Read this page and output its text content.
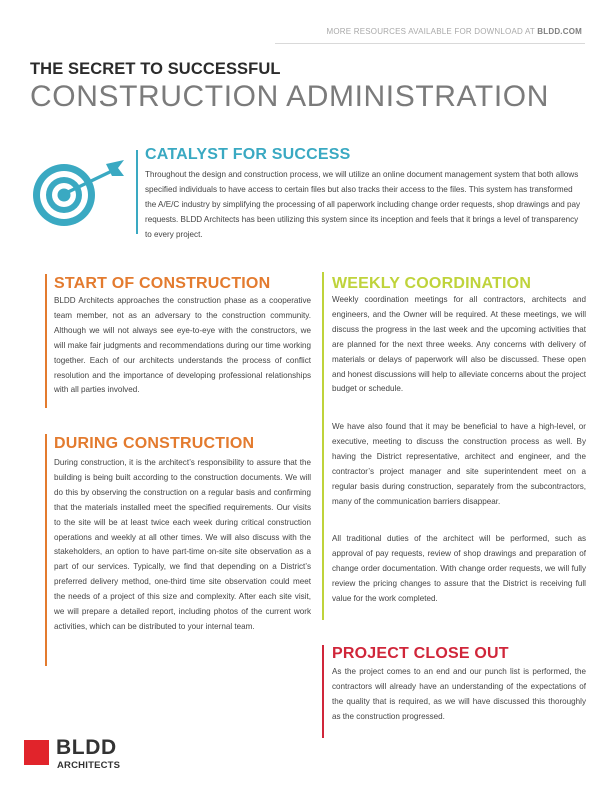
MORE RESOURCES AVAILABLE FOR DOWNLOAD AT BLDD.COM
THE SECRET TO SUCCESSFUL
CONSTRUCTION ADMINISTRATION
CATALYST FOR SUCCESS
Throughout the design and construction process, we will utilize an online document management system that both allows specified individuals to have access to certain files but also tracks their access to the files. This system has transformed the A/E/C industry by simplifying the processing of all paperwork including change order requests, shop drawings and pay requests. BLDD Architects has been utilizing this system since its inception and feels that it brings a level of transparency to every project.
START OF CONSTRUCTION
BLDD Architects approaches the construction phase as a cooperative team member, not as an adversary to the construction community. Although we will not always see eye-to-eye with the constructors, we will make fair judgments and recommendations during our time working together. Each of our architects understands the process of conflict resolution and the importance of developing professional relationships with all parties involved.
DURING CONSTRUCTION
During construction, it is the architect’s responsibility to assure that the building is being built according to the construction documents. We will do this by observing the construction on a regular basis and confirming that the materials installed meet the specified requirements. Our visits to the site will be at least twice each week during critical construction operations and weekly at all other times. We will also discuss with the stakeholders, an option to have part-time on-site site observation as a part of our services. Typically, we find that depending on a District’s preferred delivery method, one-third time site observation could meet the needs of a project of this size and complexity. After each site visit, we will prepare a detailed report, including photos of the current work activities, which can be distributed to your internal team.
WEEKLY COORDINATION
Weekly coordination meetings for all contractors, architects and engineers, and the Owner will be required. At these meetings, we will discuss the progress in the last week and the upcoming activities that are planned for the next three weeks. Any concerns with delivery of materials or delays of paperwork will also be discussed. These open and honest discussions will help to alleviate concerns about the project budget or schedule.
We have also found that it may be beneficial to have a high-level, or executive, meeting to discuss the construction process as well. By having the District representative, architect and engineer, and the contractor’s project manager and site superintendent meet on a regular basis during construction, separately from the subcontractors, many of the communication barriers disappear.
All traditional duties of the architect will be performed, such as approval of pay requests, review of shop drawings and preparation of change order documentation. With change order requests, we will fully review the pricing changes to assure that the District is receiving full value for the work completed.
PROJECT CLOSE OUT
As the project comes to an end and our punch list is performed, the contractors will already have an understanding of the expectations of the quality that is required, as we will have discussed this thoroughly as the construction progressed.
BLDD
ARCHITECTS
